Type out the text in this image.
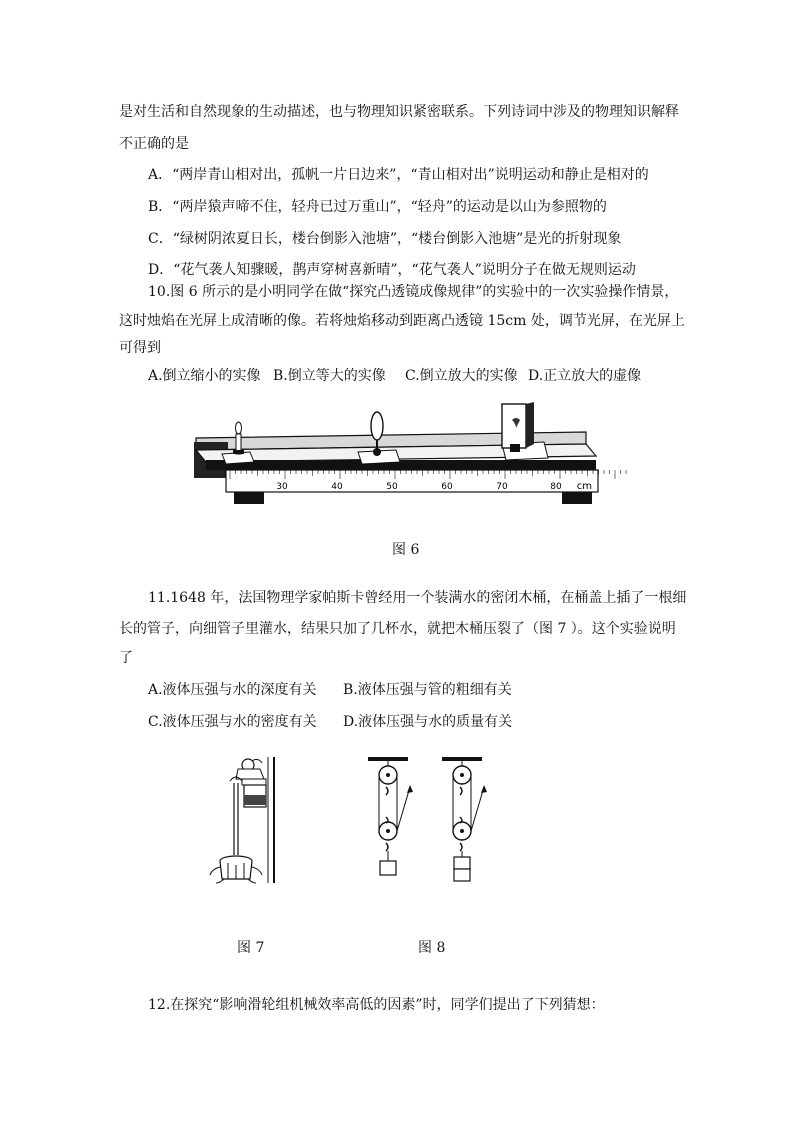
是对生活和自然现象的生动描述，也与物理知识紧密联系。下列诗词中涉及的物理知识解释
不正确的是
A．“两岸青山相对出，孤帆一片日边来”，“青山相对出”说明运动和静止是相对的
B．“两岸猿声啼不住，轻舟已过万重山”，“轻舟”的运动是以山为参照物的
C．“绿树阴浓夏日长，楼台倒影入池塘”，“楼台倒影入池塘”是光的折射现象
D．“花气袭人知骤暖，鹊声穿树喜新晴”，“花气袭人”说明分子在做无规则运动
10.图 6 所示的是小明同学在做“探究凸透镜成像规律”的实验中的一次实验操作情景，
这时烛焰在光屏上成清晰的像。若将烛焰移动到距离凸透镜 15cm 处，调节光屏，在光屏上
可得到
A.倒立缩小的实像 B.倒立等大的实像 C.倒立放大的实像 D.正立放大的虚像
30	40	50	60	70	80 cm
图 6
11.1648 年，法国物理学家帕斯卡曾经用一个装满水的密闭木桶，在桶盖上插了一根细
长的管子，向细管子里灌水，结果只加了几杯水，就把木桶压裂了（图 7 ）。这个实验说明
了
A.液体压强与水的深度有关 B.液体压强与管的粗细有关
C.液体压强与水的密度有关 D.液体压强与水的质量有关
图 7	图 8
12.在探究“影响滑轮组机械效率高低的因素”时，同学们提出了下列猜想：
